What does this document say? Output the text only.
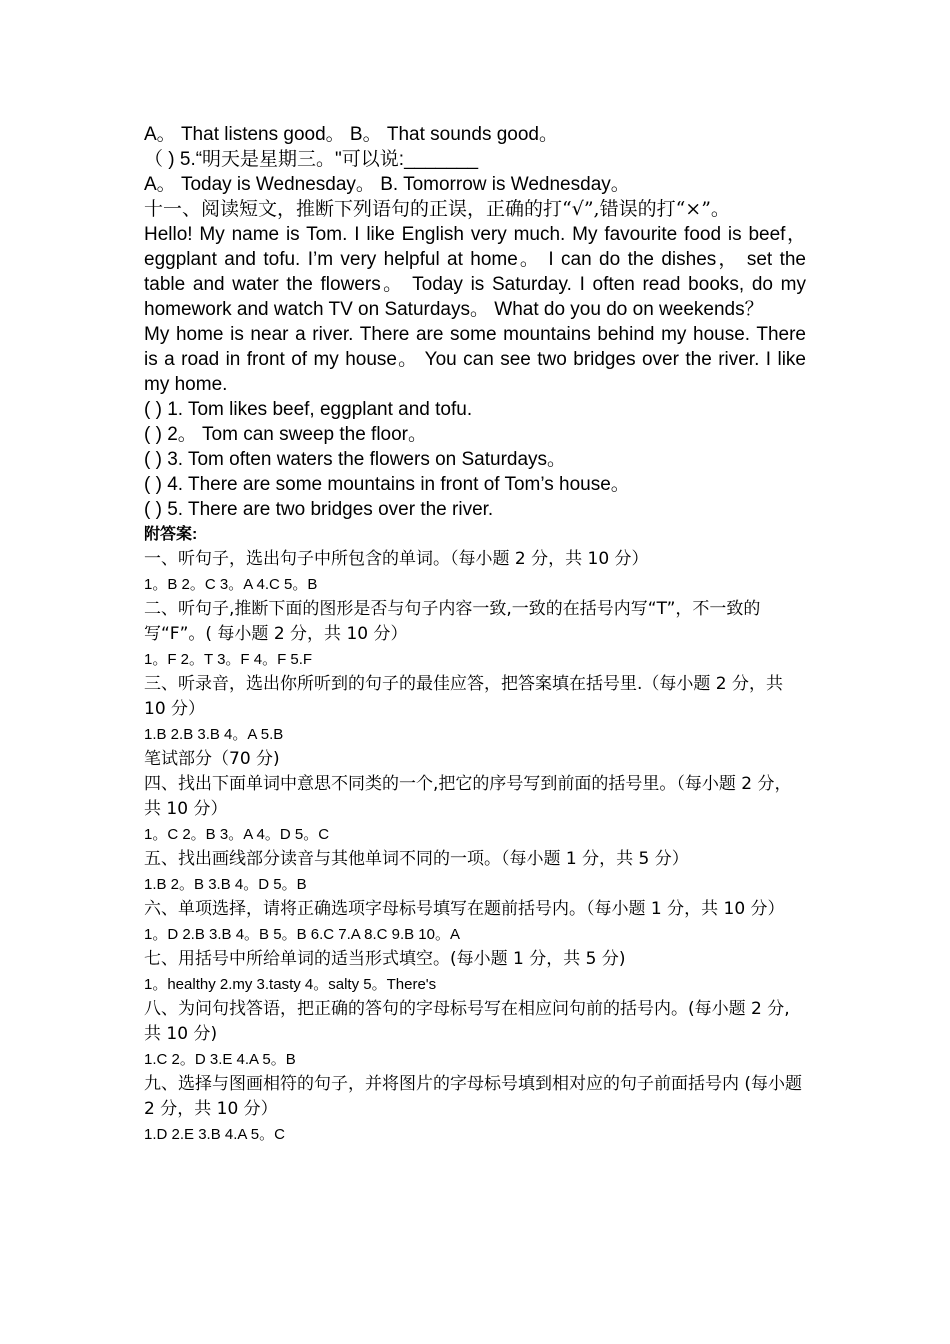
A。 That listens good。 B。 That sounds good。
（ ) 5.“明天是星期三。"可以说:_______
A。 Today is Wednesday。 B. Tomorrow is Wednesday。
十一、阅读短文，推断下列语句的正误，正确的打“√”,错误的打“×”。
Hello! My name is Tom. I like English very much. My favourite food is beef， eggplant and tofu. I’m very helpful at home。 I can do the dishes， set the table and water the flowers。 Today is Saturday. I often read books, do my homework and watch TV on Saturdays。 What do you do on weekends？
My home is near a river. There are some mountains behind my house. There is a road in front of my house。 You can see two bridges over the river. I like my home.
( ) 1. Tom likes beef, eggplant and tofu.
( ) 2。 Tom can sweep the floor。
( ) 3. Tom often waters the flowers on Saturdays。
( ) 4. There are some mountains in front of Tom’s house。
( ) 5. There are two bridges over the river.
附答案:
一、听句子，选出句子中所包含的单词。（每小题 2 分，共 10 分）
1。B 2。C 3。A 4.C 5。B
二、听句子,推断下面的图形是否与句子内容一致,一致的在括号内写“T”，不一致的写“F”。( 每小题 2 分，共 10 分）
1。F 2。T 3。F 4。F 5.F
三、听录音，选出你所听到的句子的最佳应答，把答案填在括号里.（每小题 2 分，共 10 分）
1.B 2.B 3.B 4。A 5.B
笔试部分（70 分)
四、找出下面单词中意思不同类的一个,把它的序号写到前面的括号里。（每小题 2 分，共 10 分）
1。C 2。B 3。A 4。D 5。C
五、找出画线部分读音与其他单词不同的一项。（每小题 1 分，共 5 分）
1.B 2。B 3.B 4。D 5。B
六、单项选择，请将正确选项字母标号填写在题前括号内。（每小题 1 分，共 10 分）
1。D 2.B 3.B 4。B 5。B 6.C 7.A 8.C 9.B 10。A
七、用括号中所给单词的适当形式填空。(每小题 1 分，共 5 分)
1。healthy 2.my 3.tasty 4。salty 5。There's
八、为问句找答语，把正确的答句的字母标号写在相应问句前的括号内。(每小题 2 分,共 10 分)
1.C 2。D 3.E 4.A 5。B
九、选择与图画相符的句子，并将图片的字母标号填到相对应的句子前面括号内 (每小题 2 分，共 10 分）
1.D 2.E 3.B 4.A 5。C
